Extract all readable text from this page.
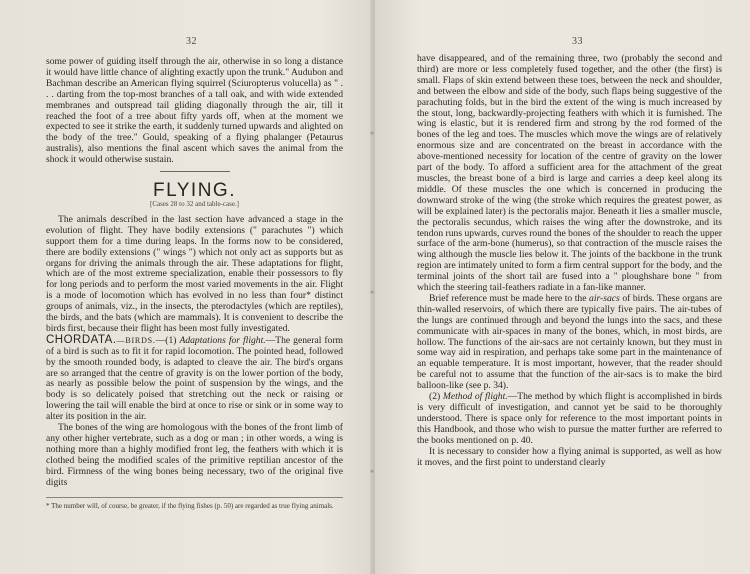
32

some power of guiding itself through the air, otherwise in so long a distance it would have little chance of alighting exactly upon the trunk." Audubon and Bachman describe an American flying squirrel (Sciuropterus volucella) as " . . . darting from the top-most branches of a tall oak, and with wide extended membranes and outspread tail gliding diagonally through the air, till it reached the foot of a tree about fifty yards off, when at the moment we expected to see it strike the earth, it suddenly turned upwards and alighted on the body of the tree." Gould, speaking of a flying phalanger (Petaurus australis), also mentions the final ascent which saves the animal from the shock it would otherwise sustain.

FLYING.
[Cases 28 to 32 and table-case.]

The animals described in the last section have advanced a stage in the evolution of flight. They have bodily extensions (" parachutes ") which support them for a time during leaps. In the forms now to be considered, there are bodily extensions (" wings ") which not only act as supports but as organs for driving the animals through the air. These adaptations for flight, which are of the most extreme specialization, enable their possessors to fly for long periods and to perform the most varied movements in the air. Flight is a mode of locomotion which has evolved in no less than four* distinct groups of animals, viz., in the insects, the pterodactyles (which are reptiles), the birds, and the bats (which are mammals). It is convenient to describe the birds first, because their flight has been most fully investigated.

CHORDATA.—BIRDS.—(1) Adaptations for flight.—The general form of a bird is such as to fit it for rapid locomotion. The pointed head, followed by the smooth rounded body, is adapted to cleave the air. The bird's organs are so arranged that the centre of gravity is on the lower portion of the body, as nearly as possible below the point of suspension by the wings, and the body is so delicately poised that stretching out the neck or raising or lowering the tail will enable the bird at once to rise or sink or in some way to alter its position in the air.

The bones of the wing are homologous with the bones of the front limb of any other higher vertebrate, such as a dog or man ; in other words, a wing is nothing more than a highly modified front leg, the feathers with which it is clothed being the modified scales of the primitive reptilian ancestor of the bird. Firmness of the wing bones being necessary, two of the original five digits

* The number will, of course, be greater, if the flying fishes (p. 50) are regarded as true flying animals.
33

have disappeared, and of the remaining three, two (probably the second and third) are more or less completely fused together, and the other (the first) is small. Flaps of skin extend between these toes, between the neck and shoulder, and between the elbow and side of the body, such flaps being suggestive of the parachuting folds, but in the bird the extent of the wing is much increased by the stout, long, backwardly-projecting feathers with which it is furnished. The wing is elastic, but it is rendered firm and strong by the rod formed of the bones of the leg and toes. The muscles which move the wings are of relatively enormous size and are concentrated on the breast in accordance with the above-mentioned necessity for location of the centre of gravity on the lower part of the body. To afford a sufficient area for the attachment of the great muscles, the breast bone of a bird is large and carries a deep keel along its middle. Of these muscles the one which is concerned in producing the downward stroke of the wing (the stroke which requires the greatest power, as will be explained later) is the pectoralis major. Beneath it lies a smaller muscle, the pectoralis secundus, which raises the wing after the downstroke, and its tendon runs upwards, curves round the bones of the shoulder to reach the upper surface of the arm-bone (humerus), so that contraction of the muscle raises the wing although the muscle lies below it. The joints of the backbone in the trunk region are intimately united to form a firm central support for the body, and the terminal joints of the short tail are fused into a " ploughshare bone " from which the steering tail-feathers radiate in a fan-like manner.

Brief reference must be made here to the air-sacs of birds. These organs are thin-walled reservoirs, of which there are typically five pairs. The air-tubes of the lungs are continued through and beyond the lungs into the sacs, and these communicate with air-spaces in many of the bones, which, in most birds, are hollow. The functions of the air-sacs are not certainly known, but they must in some way aid in respiration, and perhaps take some part in the maintenance of an equable temperature. It is most important, however, that the reader should be careful not to assume that the function of the air-sacs is to make the bird balloon-like (see p. 34).

(2) Method of flight.—The method by which flight is accomplished in birds is very difficult of investigation, and cannot yet be said to be thoroughly understood. There is space only for reference to the most important points in this Handbook, and those who wish to pursue the matter further are referred to the books mentioned on p. 40.

It is necessary to consider how a flying animal is supported, as well as how it moves, and the first point to understand clearly

⁎
⁎
⁎
